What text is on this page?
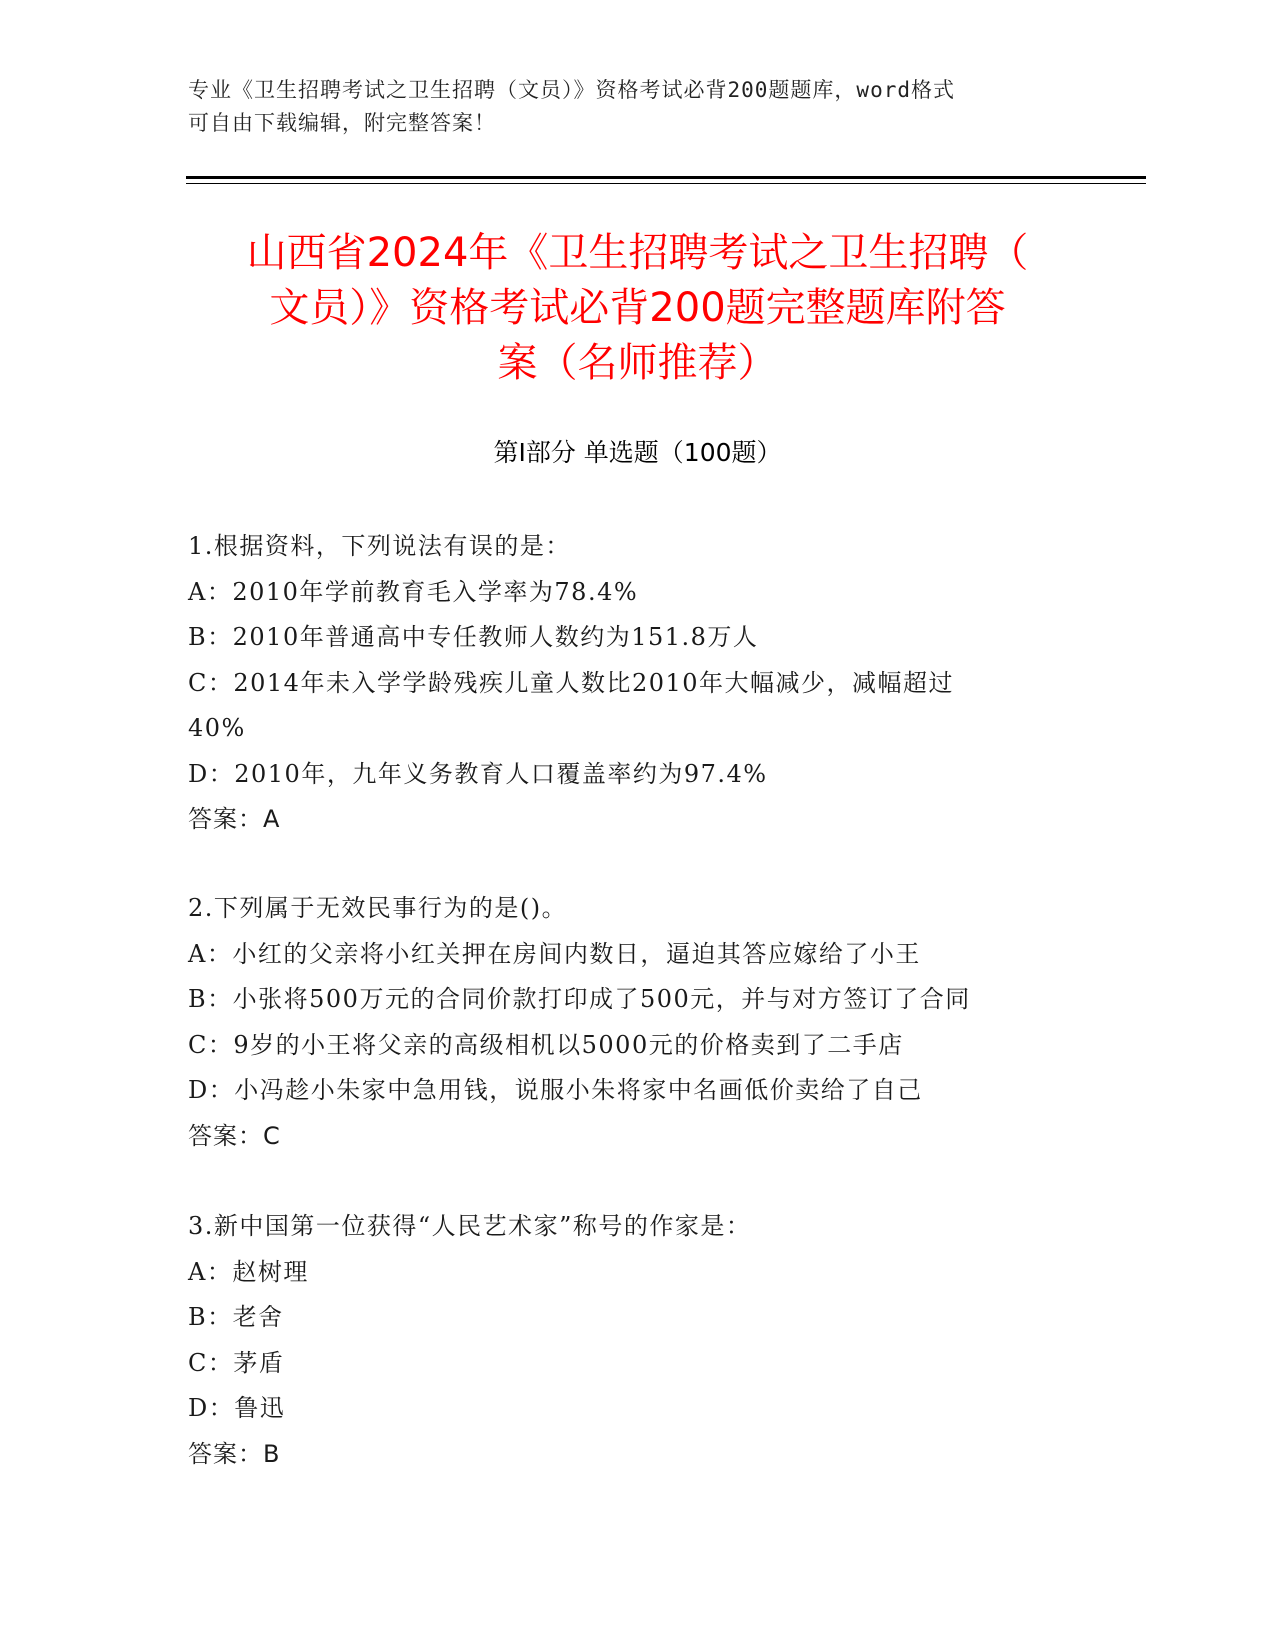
专业《卫生招聘考试之卫生招聘（文员）》资格考试必背200题题库，word格式
可自由下载编辑，附完整答案！
山西省2024年《卫生招聘考试之卫生招聘（
文员）》资格考试必背200题完整题库附答
案（名师推荐）
第Ⅰ部分 单选题（100题）
1.根据资料，下列说法有误的是：
A：2010年学前教育毛入学率为78.4%
B：2010年普通高中专任教师人数约为151.8万人
C：2014年未入学学龄残疾儿童人数比2010年大幅减少，减幅超过
40%
D：2010年，九年义务教育人口覆盖率约为97.4%
答案：A
2.下列属于无效民事行为的是()。
A：小红的父亲将小红关押在房间内数日，逼迫其答应嫁给了小王
B：小张将500万元的合同价款打印成了500元，并与对方签订了合同
C：9岁的小王将父亲的高级相机以5000元的价格卖到了二手店
D：小冯趁小朱家中急用钱，说服小朱将家中名画低价卖给了自己
答案：C
3.新中国第一位获得“人民艺术家”称号的作家是：
A：赵树理
B：老舍
C：茅盾
D：鲁迅
答案：B
